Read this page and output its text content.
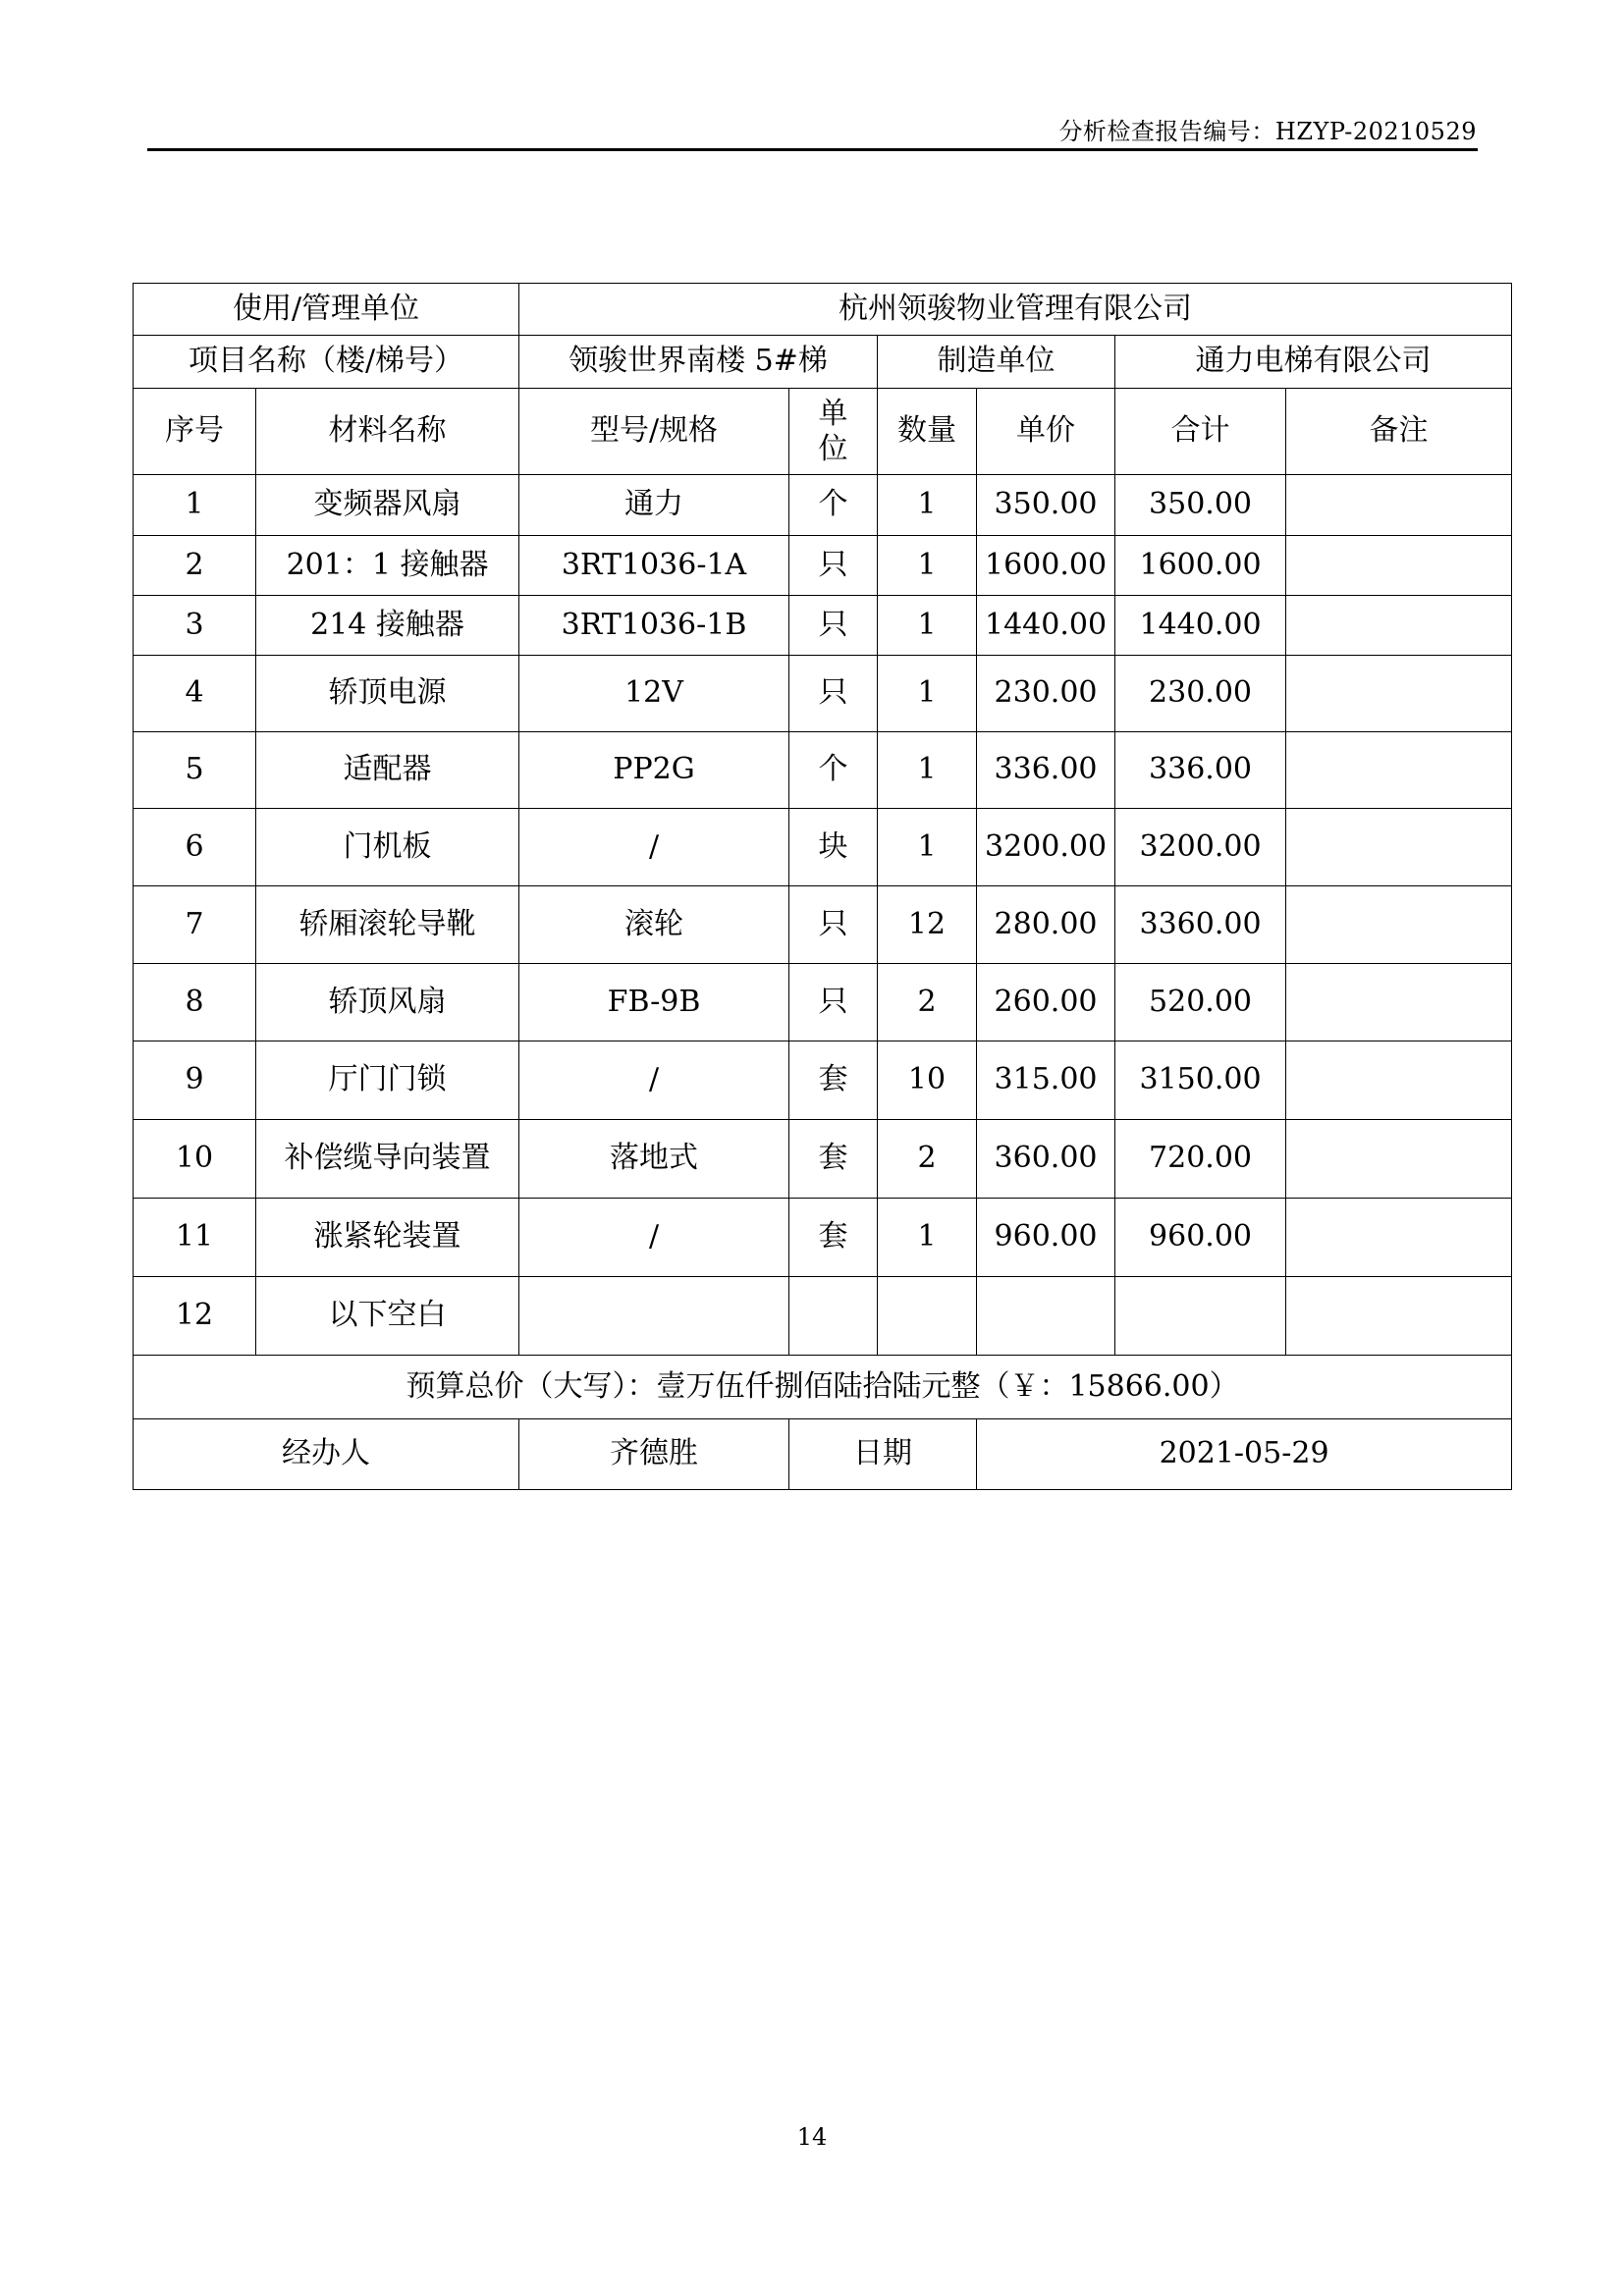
分析检查报告编号：HZYP-20210529
使用/管理单位		杭州领骏物业管理有限公司					
项目名称（楼/梯号）		领骏世界南楼 5#梯		制造单位		通力电梯有限公司	
序号	材料名称	型号/规格	单位	数量	单价	合计	备注
1	变频器风扇	通力	个	1	350.00	350.00	
2	201：1 接触器	3RT1036-1A	只	1	1600.00	1600.00	
3	214 接触器	3RT1036-1B	只	1	1440.00	1440.00	
4	轿顶电源	12V	只	1	230.00	230.00	
5	适配器	PP2G	个	1	336.00	336.00	
6	门机板	/	块	1	3200.00	3200.00	
7	轿厢滚轮导靴	滚轮	只	12	280.00	3360.00	
8	轿顶风扇	FB-9B	只	2	260.00	520.00	
9	厅门门锁	/	套	10	315.00	3150.00	
10	补偿缆导向装置	落地式	套	2	360.00	720.00	
11	涨紧轮装置	/	套	1	960.00	960.00	
12	以下空白						
预算总价（大写）：壹万伍仟捌佰陆拾陆元整（￥：15866.00）							
经办人		齐德胜	日期		2021-05-29		
14
